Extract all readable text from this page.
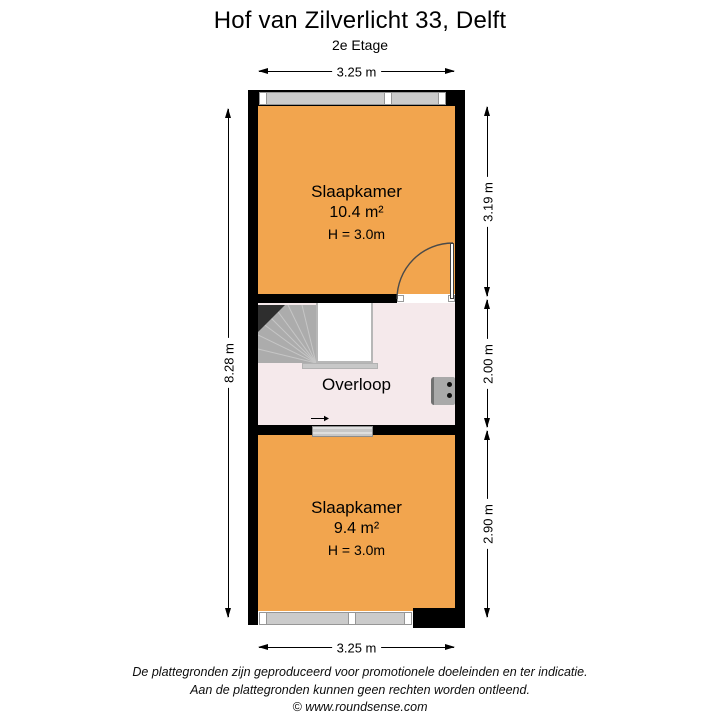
Hof van Zilverlicht 33, Delft
2e Etage
Slaapkamer
10.4 m²
H = 3.0m
Overloop
Slaapkamer
9.4 m²
H = 3.0m
3.25 m
3.25 m
8.28 m
3.19 m
2.00 m
2.90 m
De plattegronden zijn geproduceerd voor promotionele doeleinden en ter indicatie.
Aan de plattegronden kunnen geen rechten worden ontleend.
© www.roundsense.com
